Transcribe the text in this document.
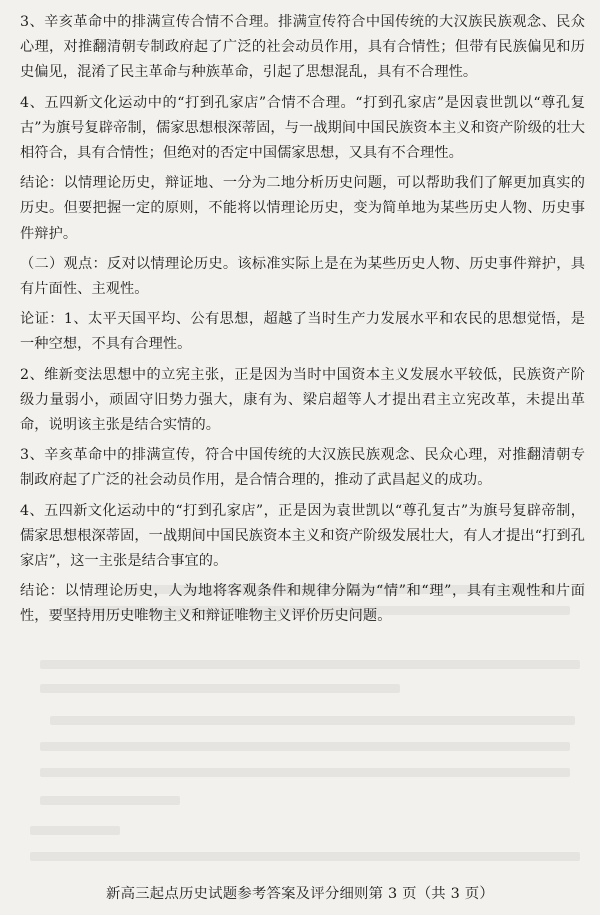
3、辛亥革命中的排满宣传合情不合理。排满宣传符合中国传统的大汉族民族观念、民众心理，对推翻清朝专制政府起了广泛的社会动员作用，具有合情性；但带有民族偏见和历史偏见，混淆了民主革命与种族革命，引起了思想混乱，具有不合理性。

4、五四新文化运动中的“打到孔家店”合情不合理。“打到孔家店”是因袁世凯以“尊孔复古”为旗号复辟帝制，儒家思想根深蒂固，与一战期间中国民族资本主义和资产阶级的壮大相符合，具有合情性；但绝对的否定中国儒家思想，又具有不合理性。

结论：以情理论历史，辩证地、一分为二地分析历史问题，可以帮助我们了解更加真实的历史。但要把握一定的原则，不能将以情理论历史，变为简单地为某些历史人物、历史事件辩护。

（二）观点：反对以情理论历史。该标准实际上是在为某些历史人物、历史事件辩护，具有片面性、主观性。

论证：1、太平天国平均、公有思想，超越了当时生产力发展水平和农民的思想觉悟，是一种空想，不具有合理性。

2、维新变法思想中的立宪主张，正是因为当时中国资本主义发展水平较低，民族资产阶级力量弱小，顽固守旧势力强大，康有为、梁启超等人才提出君主立宪改革，未提出革命，说明该主张是结合实情的。

3、辛亥革命中的排满宣传，符合中国传统的大汉族民族观念、民众心理，对推翻清朝专制政府起了广泛的社会动员作用，是合情合理的，推动了武昌起义的成功。

4、五四新文化运动中的“打到孔家店”，正是因为袁世凯以“尊孔复古”为旗号复辟帝制，儒家思想根深蒂固，一战期间中国民族资本主义和资产阶级发展壮大，有人才提出“打到孔家店”，这一主张是结合事宜的。

结论：以情理论历史，人为地将客观条件和规律分隔为“情”和“理”，具有主观性和片面性，要坚持用历史唯物主义和辩证唯物主义评价历史问题。

新高三起点历史试题参考答案及评分细则第 3 页（共 3 页）
